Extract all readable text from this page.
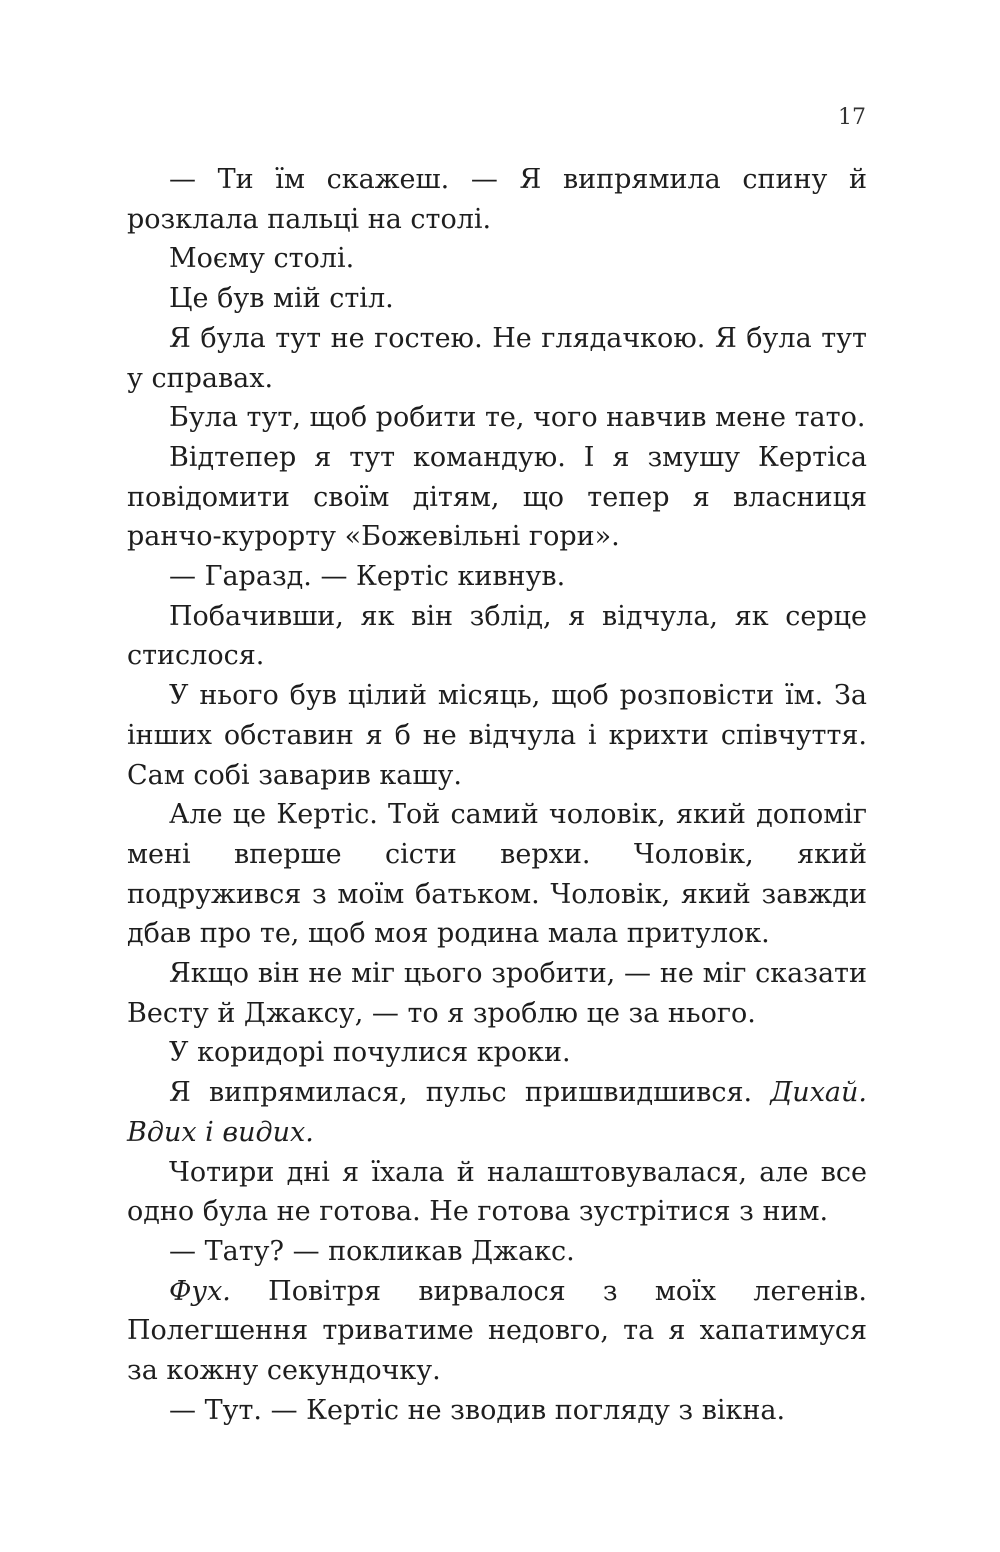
17

— Ти їм скажеш. — Я випрямила спину й розклала пальці на столі.

Моєму столі.

Це був мій стіл.

Я була тут не гостею. Не глядачкою. Я була тут у справах.

Була тут, щоб робити те, чого навчив мене тато.

Відтепер я тут командую. І я змушу Кертіса повідомити своїм дітям, що тепер я власниця ранчо-курорту «Божевільні гори».

— Гаразд. — Кертіс кивнув.

Побачивши, як він зблід, я відчула, як серце стислося.

У нього був цілий місяць, щоб розповісти їм. За інших обставин я б не відчула і крихти співчуття. Сам собі заварив кашу.

Але це Кертіс. Той самий чоловік, який допоміг мені вперше сісти верхи. Чоловік, який подружився з моїм батьком. Чоловік, який завжди дбав про те, щоб моя родина мала притулок.

Якщо він не міг цього зробити, — не міг сказати Весту й Джаксу, — то я зроблю це за нього.

У коридорі почулися кроки.

Я випрямилася, пульс пришвидшився. Дихай. Вдих і видих.

Чотири дні я їхала й налаштовувалася, але все одно була не готова. Не готова зустрітися з ним.

— Тату? — покликав Джакс.

Фух. Повітря вирвалося з моїх легенів. Полегшення триватиме недовго, та я хапатимуся за кожну секундочку.

— Тут. — Кертіс не зводив погляду з вікна.
